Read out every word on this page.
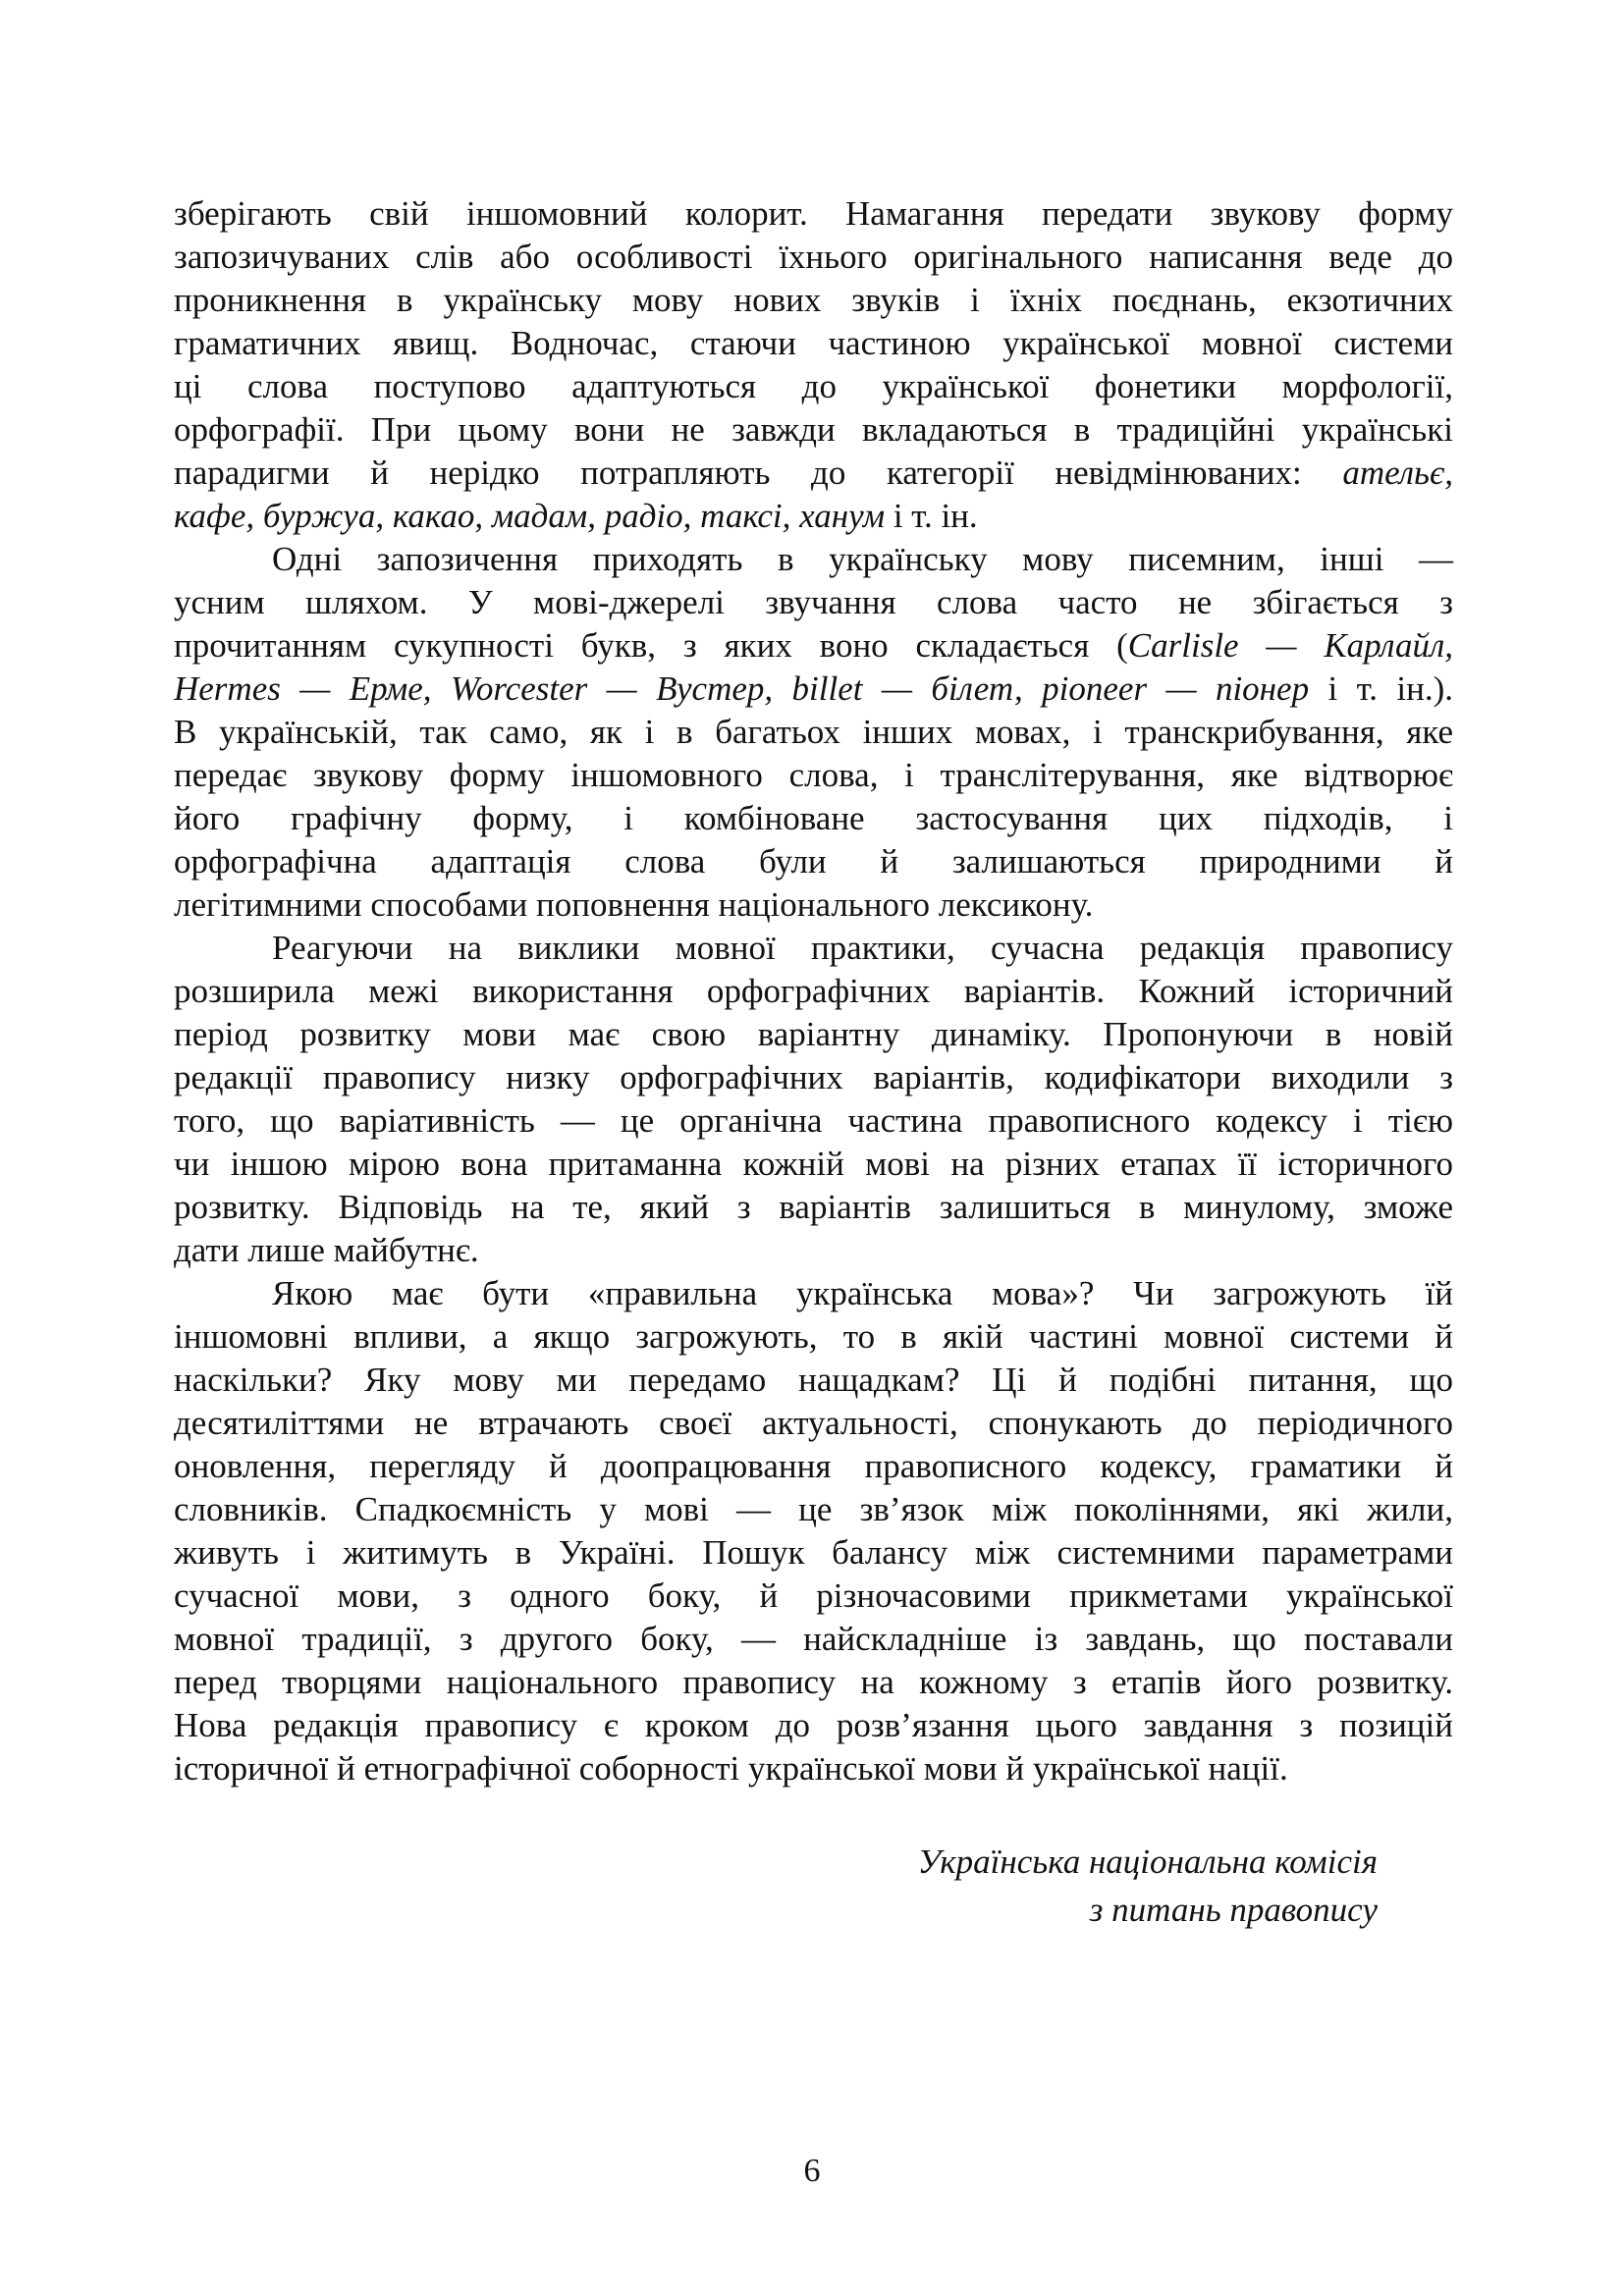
зберігають свій іншомовний колорит. Намагання передати звукову форму
запозичуваних слів або особливості їхнього оригінального написання веде до
проникнення в українську мову нових звуків і їхніх поєднань, екзотичних
граматичних явищ. Водночас, стаючи частиною української мовної системи
ці слова поступово адаптуються до української фонетики морфології,
орфографії. При цьому вони не завжди вкладаються в традиційні українські
парадигми й нерідко потрапляють до категорії невідмінюваних: ательє,
кафе, буржуа, какао, мадам, радіо, таксі, ханум і т. ін.
Одні запозичення приходять в українську мову писемним, інші —
усним шляхом. У мові-джерелі звучання слова часто не збігається з
прочитанням сукупності букв, з яких воно складається (Carlisle — Карлайл,
Hermes — Ерме, Worcester — Вустер, billet — білет, pioneer — піонер і т. ін.).
В українській, так само, як і в багатьох інших мовах, і транскрибування, яке
передає звукову форму іншомовного слова, і транслітерування, яке відтворює
його графічну форму, і комбіноване застосування цих підходів, і
орфографічна адаптація слова були й залишаються природними й
легітимними способами поповнення національного лексикону.
Реагуючи на виклики мовної практики, сучасна редакція правопису
розширила межі використання орфографічних варіантів. Кожний історичний
період розвитку мови має свою варіантну динаміку. Пропонуючи в новій
редакції правопису низку орфографічних варіантів, кодифікатори виходили з
того, що варіативність — це органічна частина правописного кодексу і тією
чи іншою мірою вона притаманна кожній мові на різних етапах її історичного
розвитку. Відповідь на те, який з варіантів залишиться в минулому, зможе
дати лише майбутнє.
Якою має бути «правильна українська мова»? Чи загрожують їй
іншомовні впливи, а якщо загрожують, то в якій частині мовної системи й
наскільки? Яку мову ми передамо нащадкам? Ці й подібні питання, що
десятиліттями не втрачають своєї актуальності, спонукають до періодичного
оновлення, перегляду й доопрацювання правописного кодексу, граматики й
словників. Спадкоємність у мові — це зв’язок між поколіннями, які жили,
живуть і житимуть в Україні. Пошук балансу між системними параметрами
сучасної мови, з одного боку, й різночасовими прикметами української
мовної традиції, з другого боку, — найскладніше із завдань, що поставали
перед творцями національного правопису на кожному з етапів його розвитку.
Нова редакція правопису є кроком до розв’язання цього завдання з позицій
історичної й етнографічної соборності української мови й української нації.
Українська національна комісія
з питань правопису
6
